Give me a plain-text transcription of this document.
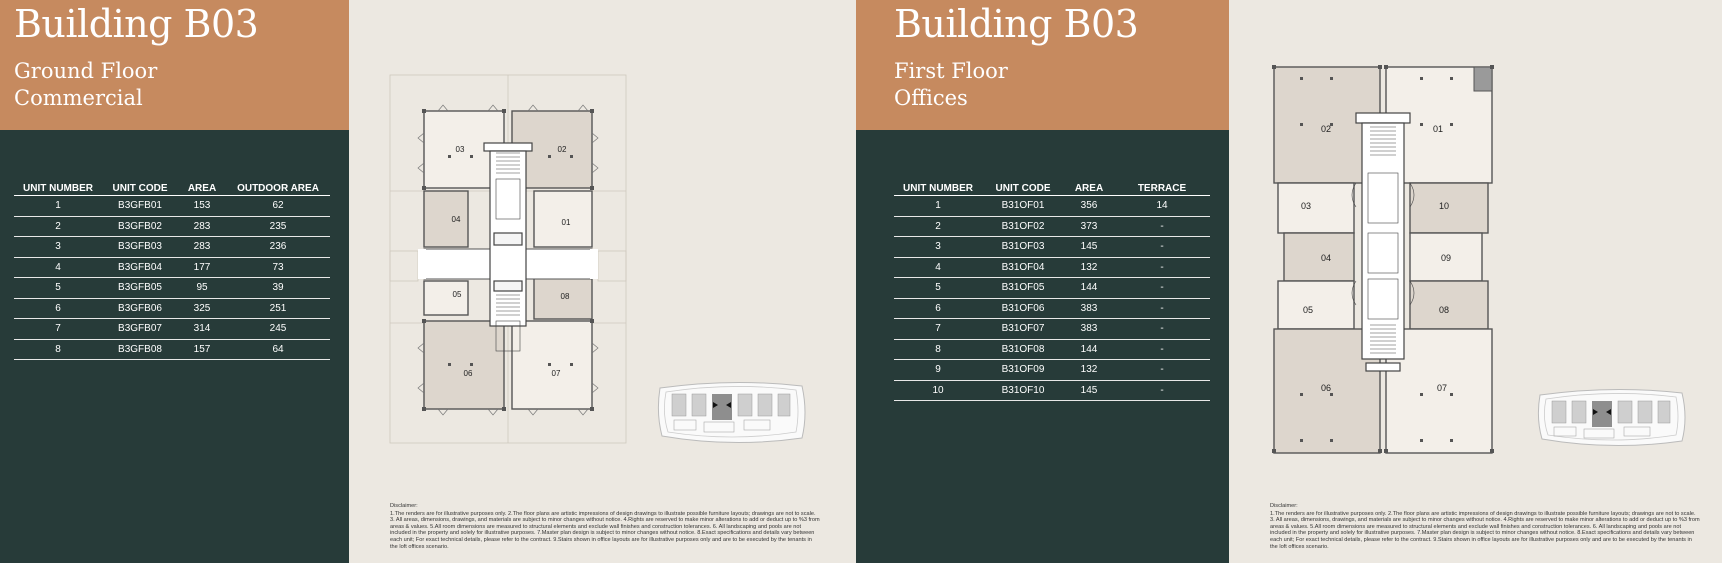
Building B03
Ground Floor
Commercial
UNIT NUMBER	UNIT CODE	AREA	OUTDOOR AREA
1	B3GFB01	153	62
2	B3GFB02	283	235
3	B3GFB03	283	236
4	B3GFB04	177	73
5	B3GFB05	95	39
6	B3GFB06	325	251
7	B3GFB07	314	245
8	B3GFB08	157	64
01
02
03
04
05
06	07
08
Disclaimer:
1.The renders are for illustrative purposes only. 2.The floor plans are artistic impressions of design drawings to illustrate possible furniture layouts; drawings are not to scale. 3. All areas, dimensions, drawings, and materials are subject to minor changes without notice. 4.Rights are reserved to make minor alterations to add or deduct up to %3 from areas & values. 5.All room dimensions are measured to structural elements and exclude wall finishes and construction tolerances. 6. All landscaping and pools are not included in the property and solely for illustrative purposes. 7.Master plan design is subject to minor changes without notice. 8.Exact specifications and details vary between each unit; For exact technical details, please refer to the contract. 9.Stairs shown in office layouts are for illustrative purposes only and are to be executed by the tenants in the loft offices scenario.
Building B03
First Floor
Offices
UNIT NUMBER	UNIT CODE	AREA	TERRACE
1	B31OF01	356	14
2	B31OF02	373	-
3	B31OF03	145	-
4	B31OF04	132	-
5	B31OF05	144	-
6	B31OF06	383	-
7	B31OF07	383	-
8	B31OF08	144	-
9	B31OF09	132	-
10	B31OF10	145	-
01
02
03
04
05
06	07
08
09
10
Disclaimer:
1.The renders are for illustrative purposes only. 2.The floor plans are artistic impressions of design drawings to illustrate possible furniture layouts; drawings are not to scale. 3. All areas, dimensions, drawings, and materials are subject to minor changes without notice. 4.Rights are reserved to make minor alterations to add or deduct up to %3 from areas & values. 5.All room dimensions are measured to structural elements and exclude wall finishes and construction tolerances. 6. All landscaping and pools are not included in the property and solely for illustrative purposes. 7.Master plan design is subject to minor changes without notice. 8.Exact specifications and details vary between each unit; For exact technical details, please refer to the contract. 9.Stairs shown in office layouts are for illustrative purposes only and are to be executed by the tenants in the loft offices scenario.
